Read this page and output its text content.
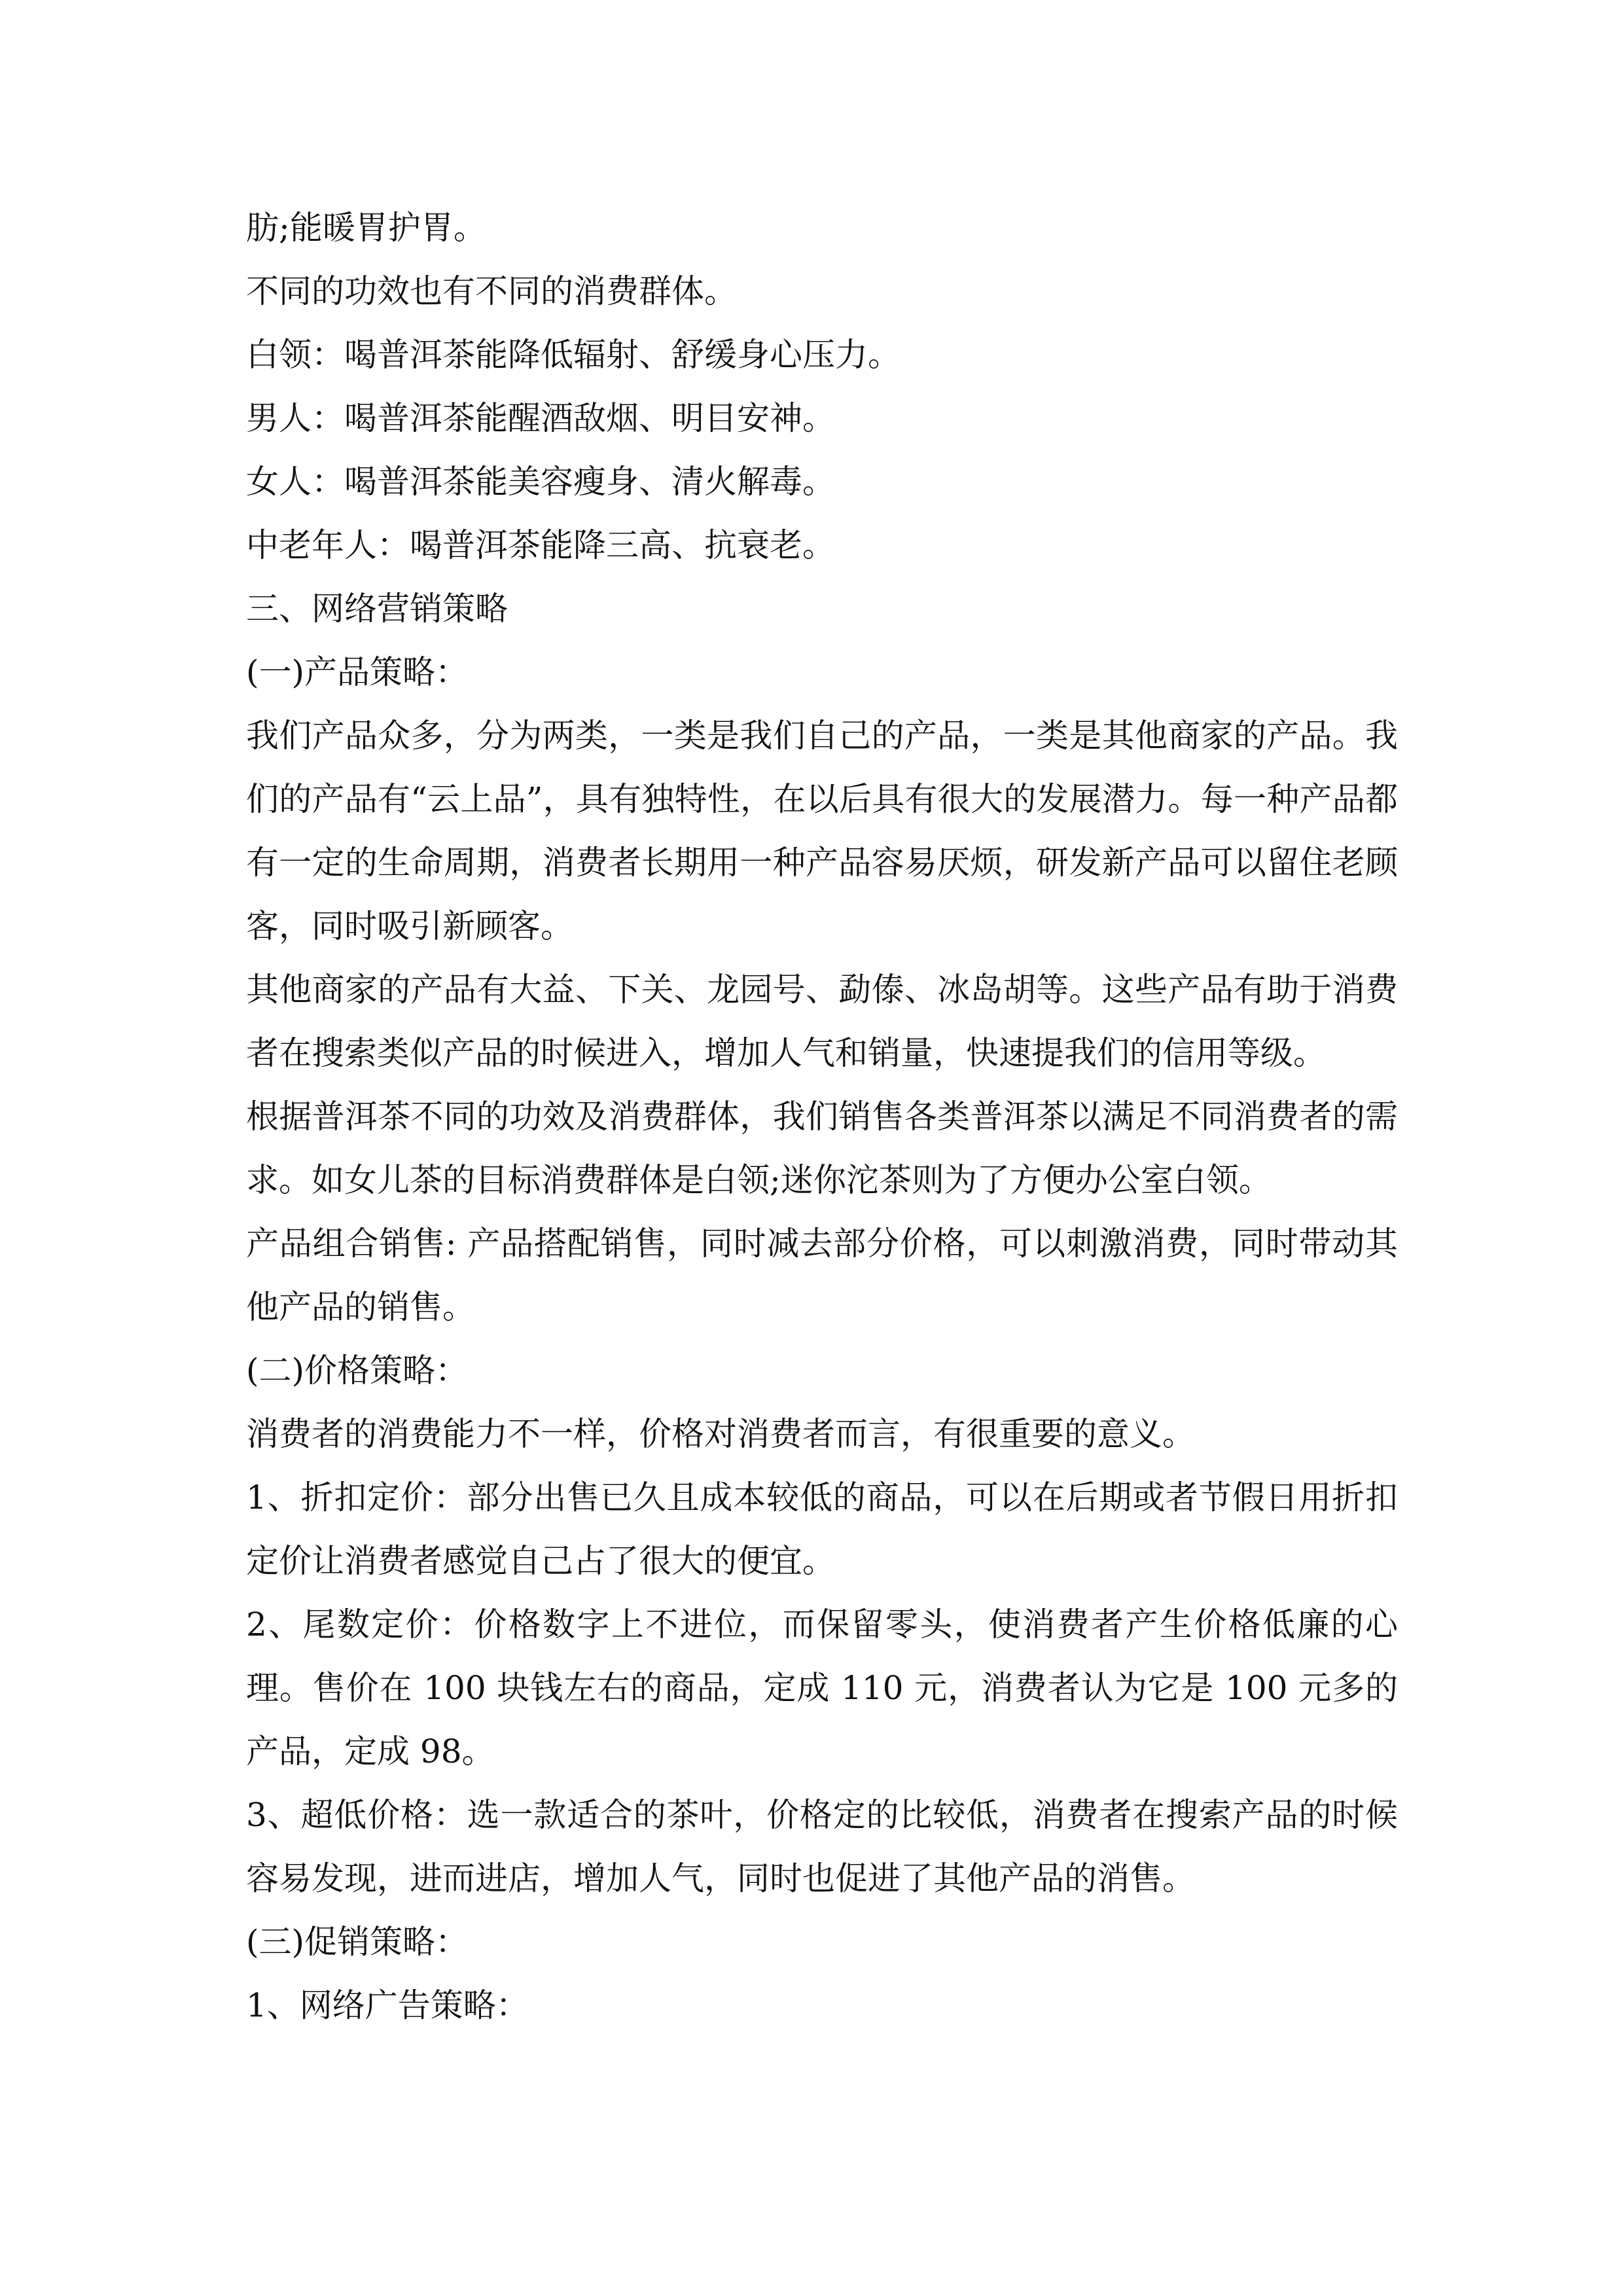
肪;能暖胃护胃。

不同的功效也有不同的消费群体。

白领：喝普洱茶能降低辐射、舒缓身心压力。

男人：喝普洱茶能醒酒敌烟、明目安神。

女人：喝普洱茶能美容瘦身、清火解毒。

中老年人：喝普洱茶能降三高、抗衰老。

三、网络营销策略

(一)产品策略：

我们产品众多，分为两类，一类是我们自己的产品，一类是其他商家的产品。我们的产品有“云上品”，具有独特性，在以后具有很大的发展潜力。每一种产品都有一定的生命周期，消费者长期用一种产品容易厌烦，研发新产品可以留住老顾客，同时吸引新顾客。

其他商家的产品有大益、下关、龙园号、勐傣、冰岛胡等。这些产品有助于消费者在搜索类似产品的时候进入，增加人气和销量，快速提我们的信用等级。

根据普洱茶不同的功效及消费群体，我们销售各类普洱茶以满足不同消费者的需求。如女儿茶的目标消费群体是白领;迷你沱茶则为了方便办公室白领。

产品组合销售: 产品搭配销售，同时减去部分价格，可以刺激消费，同时带动其他产品的销售。

(二)价格策略：

消费者的消费能力不一样，价格对消费者而言，有很重要的意义。

1、折扣定价：部分出售已久且成本较低的商品，可以在后期或者节假日用折扣定价让消费者感觉自己占了很大的便宜。

2、尾数定价：价格数字上不进位，而保留零头，使消费者产生价格低廉的心理。售价在 100 块钱左右的商品，定成 110 元，消费者认为它是 100 元多的产品，定成 98。

3、超低价格：选一款适合的茶叶，价格定的比较低，消费者在搜索产品的时候容易发现，进而进店，增加人气，同时也促进了其他产品的消售。

(三)促销策略：

1、网络广告策略：
